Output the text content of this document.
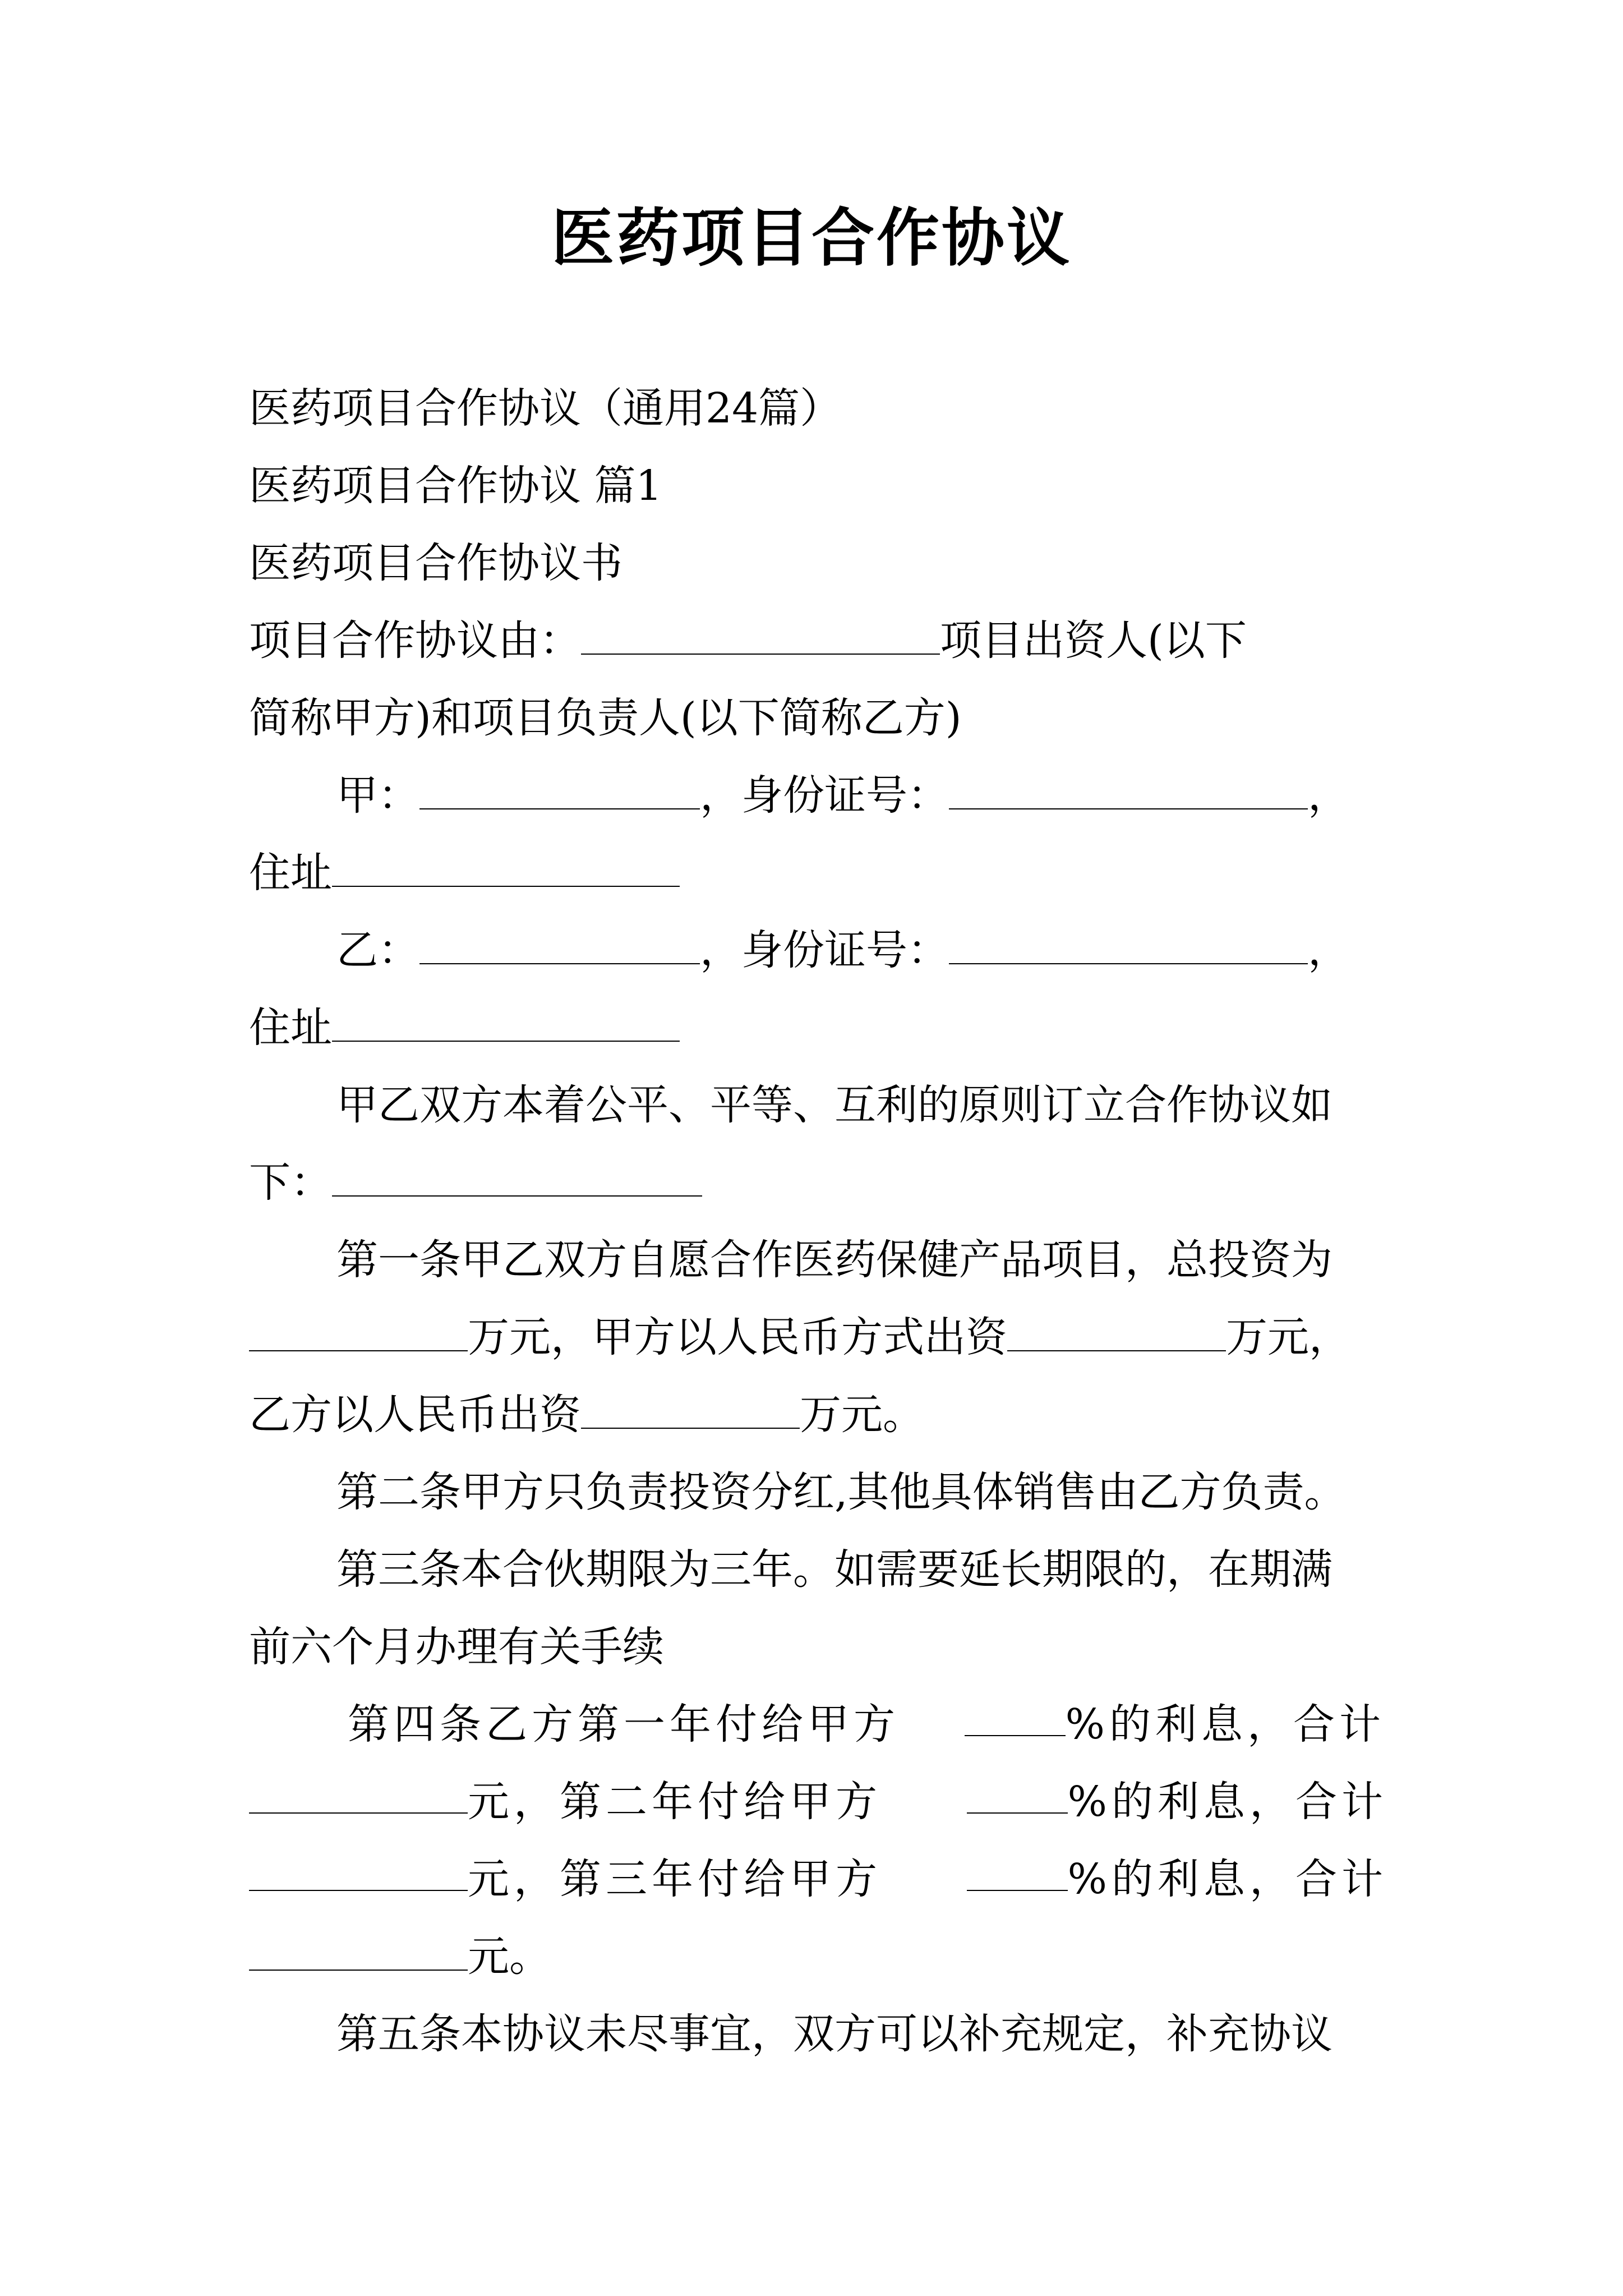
医药项目合作协议
医药项目合作协议（通用24篇）
医药项目合作协议 篇1
医药项目合作协议书
项目合作协议由：	项目出资人(以下
简称甲方)和项目负责人(以下简称乙方)
甲：	，身份证号：	，
住址
乙：	，身份证号：	，
住址
甲乙双方本着公平、平等、互利的原则订立合作协议如
下：
第一条甲乙双方自愿合作医药保健产品项目，总投资为
万元，甲方以人民币方式出资	万元，
乙方以人民币出资	万元。
第二条甲方只负责投资分红,其他具体销售由乙方负责。
第三条本合伙期限为三年。如需要延长期限的，在期满
前六个月办理有关手续
第四条乙方第一年付给甲方	%的利息，合计
元，第二年付给甲方	%的利息，合计
元，第三年付给甲方	%的利息，合计
元。
第五条本协议未尽事宜，双方可以补充规定，补充协议
